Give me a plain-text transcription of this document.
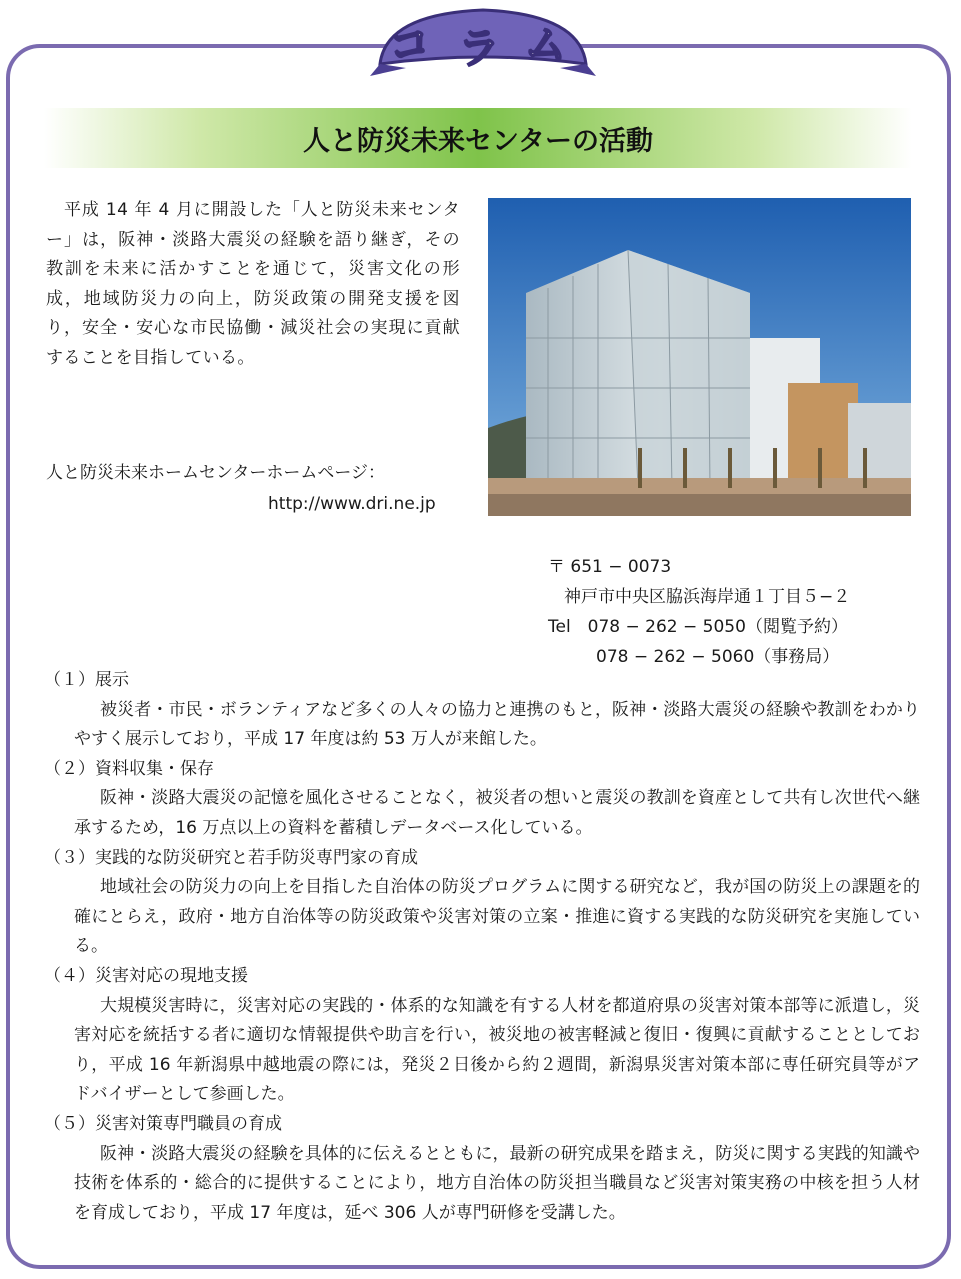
コ ラ ム
人と防災未来センターの活動
平成 14 年 4 月に開設した「人と防災未来センター」は，阪神・淡路大震災の経験を語り継ぎ，その教訓を未来に活かすことを通じて，災害文化の形成，地域防災力の向上，防災政策の開発支援を図り，安全・安心な市民協働・減災社会の実現に貢献することを目指している。
人と防災未来ホームセンターホームページ：
http://www.dri.ne.jp
〒 651 − 0073
神戸市中央区脇浜海岸通１丁目５−２
Tel　078 − 262 − 5050（閲覧予約）
078 − 262 − 5060（事務局）
（１）展示
被災者・市民・ボランティアなど多くの人々の協力と連携のもと，阪神・淡路大震災の経験や教訓をわかりやすく展示しており，平成 17 年度は約 53 万人が来館した。
（２）資料収集・保存
阪神・淡路大震災の記憶を風化させることなく，被災者の想いと震災の教訓を資産として共有し次世代へ継承するため，16 万点以上の資料を蓄積しデータベース化している。
（３）実践的な防災研究と若手防災専門家の育成
地域社会の防災力の向上を目指した自治体の防災プログラムに関する研究など，我が国の防災上の課題を的確にとらえ，政府・地方自治体等の防災政策や災害対策の立案・推進に資する実践的な防災研究を実施している。
（４）災害対応の現地支援
大規模災害時に，災害対応の実践的・体系的な知識を有する人材を都道府県の災害対策本部等に派遣し，災害対応を統括する者に適切な情報提供や助言を行い，被災地の被害軽減と復旧・復興に貢献することとしており，平成 16 年新潟県中越地震の際には，発災２日後から約２週間，新潟県災害対策本部に専任研究員等がアドバイザーとして参画した。
（５）災害対策専門職員の育成
阪神・淡路大震災の経験を具体的に伝えるとともに，最新の研究成果を踏まえ，防災に関する実践的知識や技術を体系的・総合的に提供することにより，地方自治体の防災担当職員など災害対策実務の中核を担う人材を育成しており，平成 17 年度は，延べ 306 人が専門研修を受講した。
